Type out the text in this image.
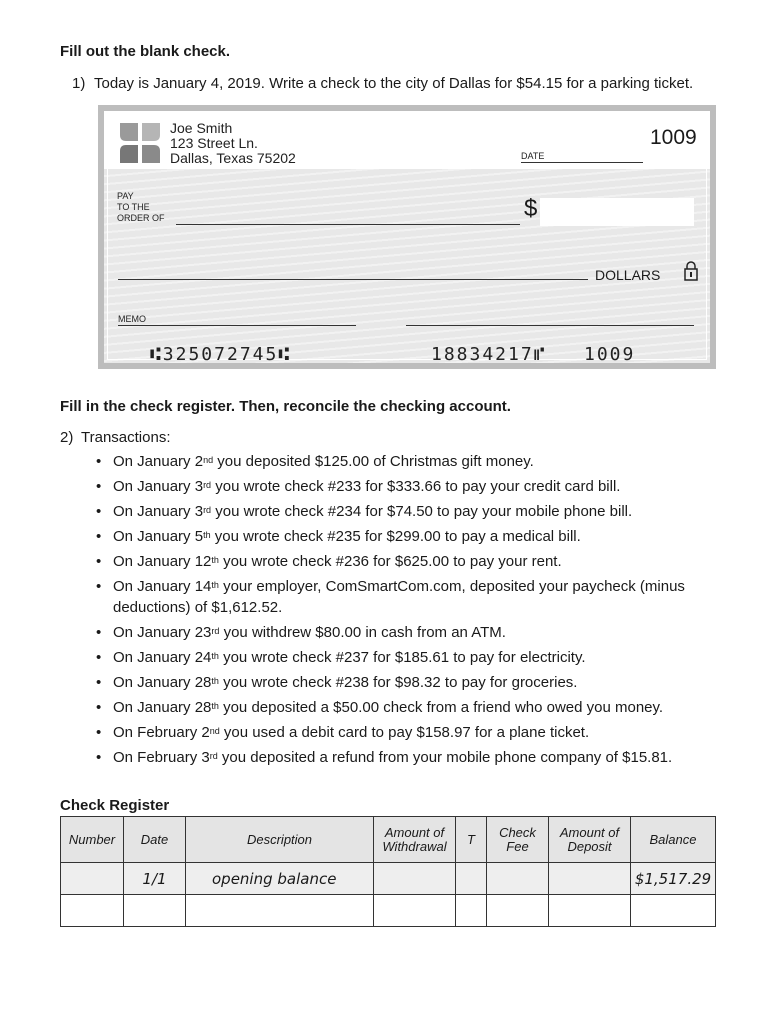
Fill out the blank check.
1) Today is January 4, 2019. Write a check to the city of Dallas for $54.15 for a parking ticket.
Joe Smith
123 Street Ln.
Dallas, Texas 75202
1009
DATE
PAY
TO THE
ORDER OF	$
DOLLARS
MEMO
⑆325072745⑆	18834217⑈ 1009
Fill in the check register. Then, reconcile the checking account.
2) Transactions:
• On January 2nd you deposited $125.00 of Christmas gift money.
• On January 3rd you wrote check #233 for $333.66 to pay your credit card bill.
• On January 3rd you wrote check #234 for $74.50 to pay your mobile phone bill.
• On January 5th you wrote check #235 for $299.00 to pay a medical bill.
• On January 12th you wrote check #236 for $625.00 to pay your rent.
• On January 14th your employer, ComSmartCom.com, deposited your paycheck (minus deductions) of $1,612.52.
• On January 23rd you withdrew $80.00 in cash from an ATM.
• On January 24th you wrote check #237 for $185.61 to pay for electricity.
• On January 28th you wrote check #238 for $98.32 to pay for groceries.
• On January 28th you deposited a $50.00 check from a friend who owed you money.
• On February 2nd you used a debit card to pay $158.97 for a plane ticket.
• On February 3rd you deposited a refund from your mobile phone company of $15.81.
Check Register
Number	Date	Description	Amount of
Withdrawal	T	Check
Fee	Amount of
Deposit	Balance
	1/1	opening balance					$1,517.29
